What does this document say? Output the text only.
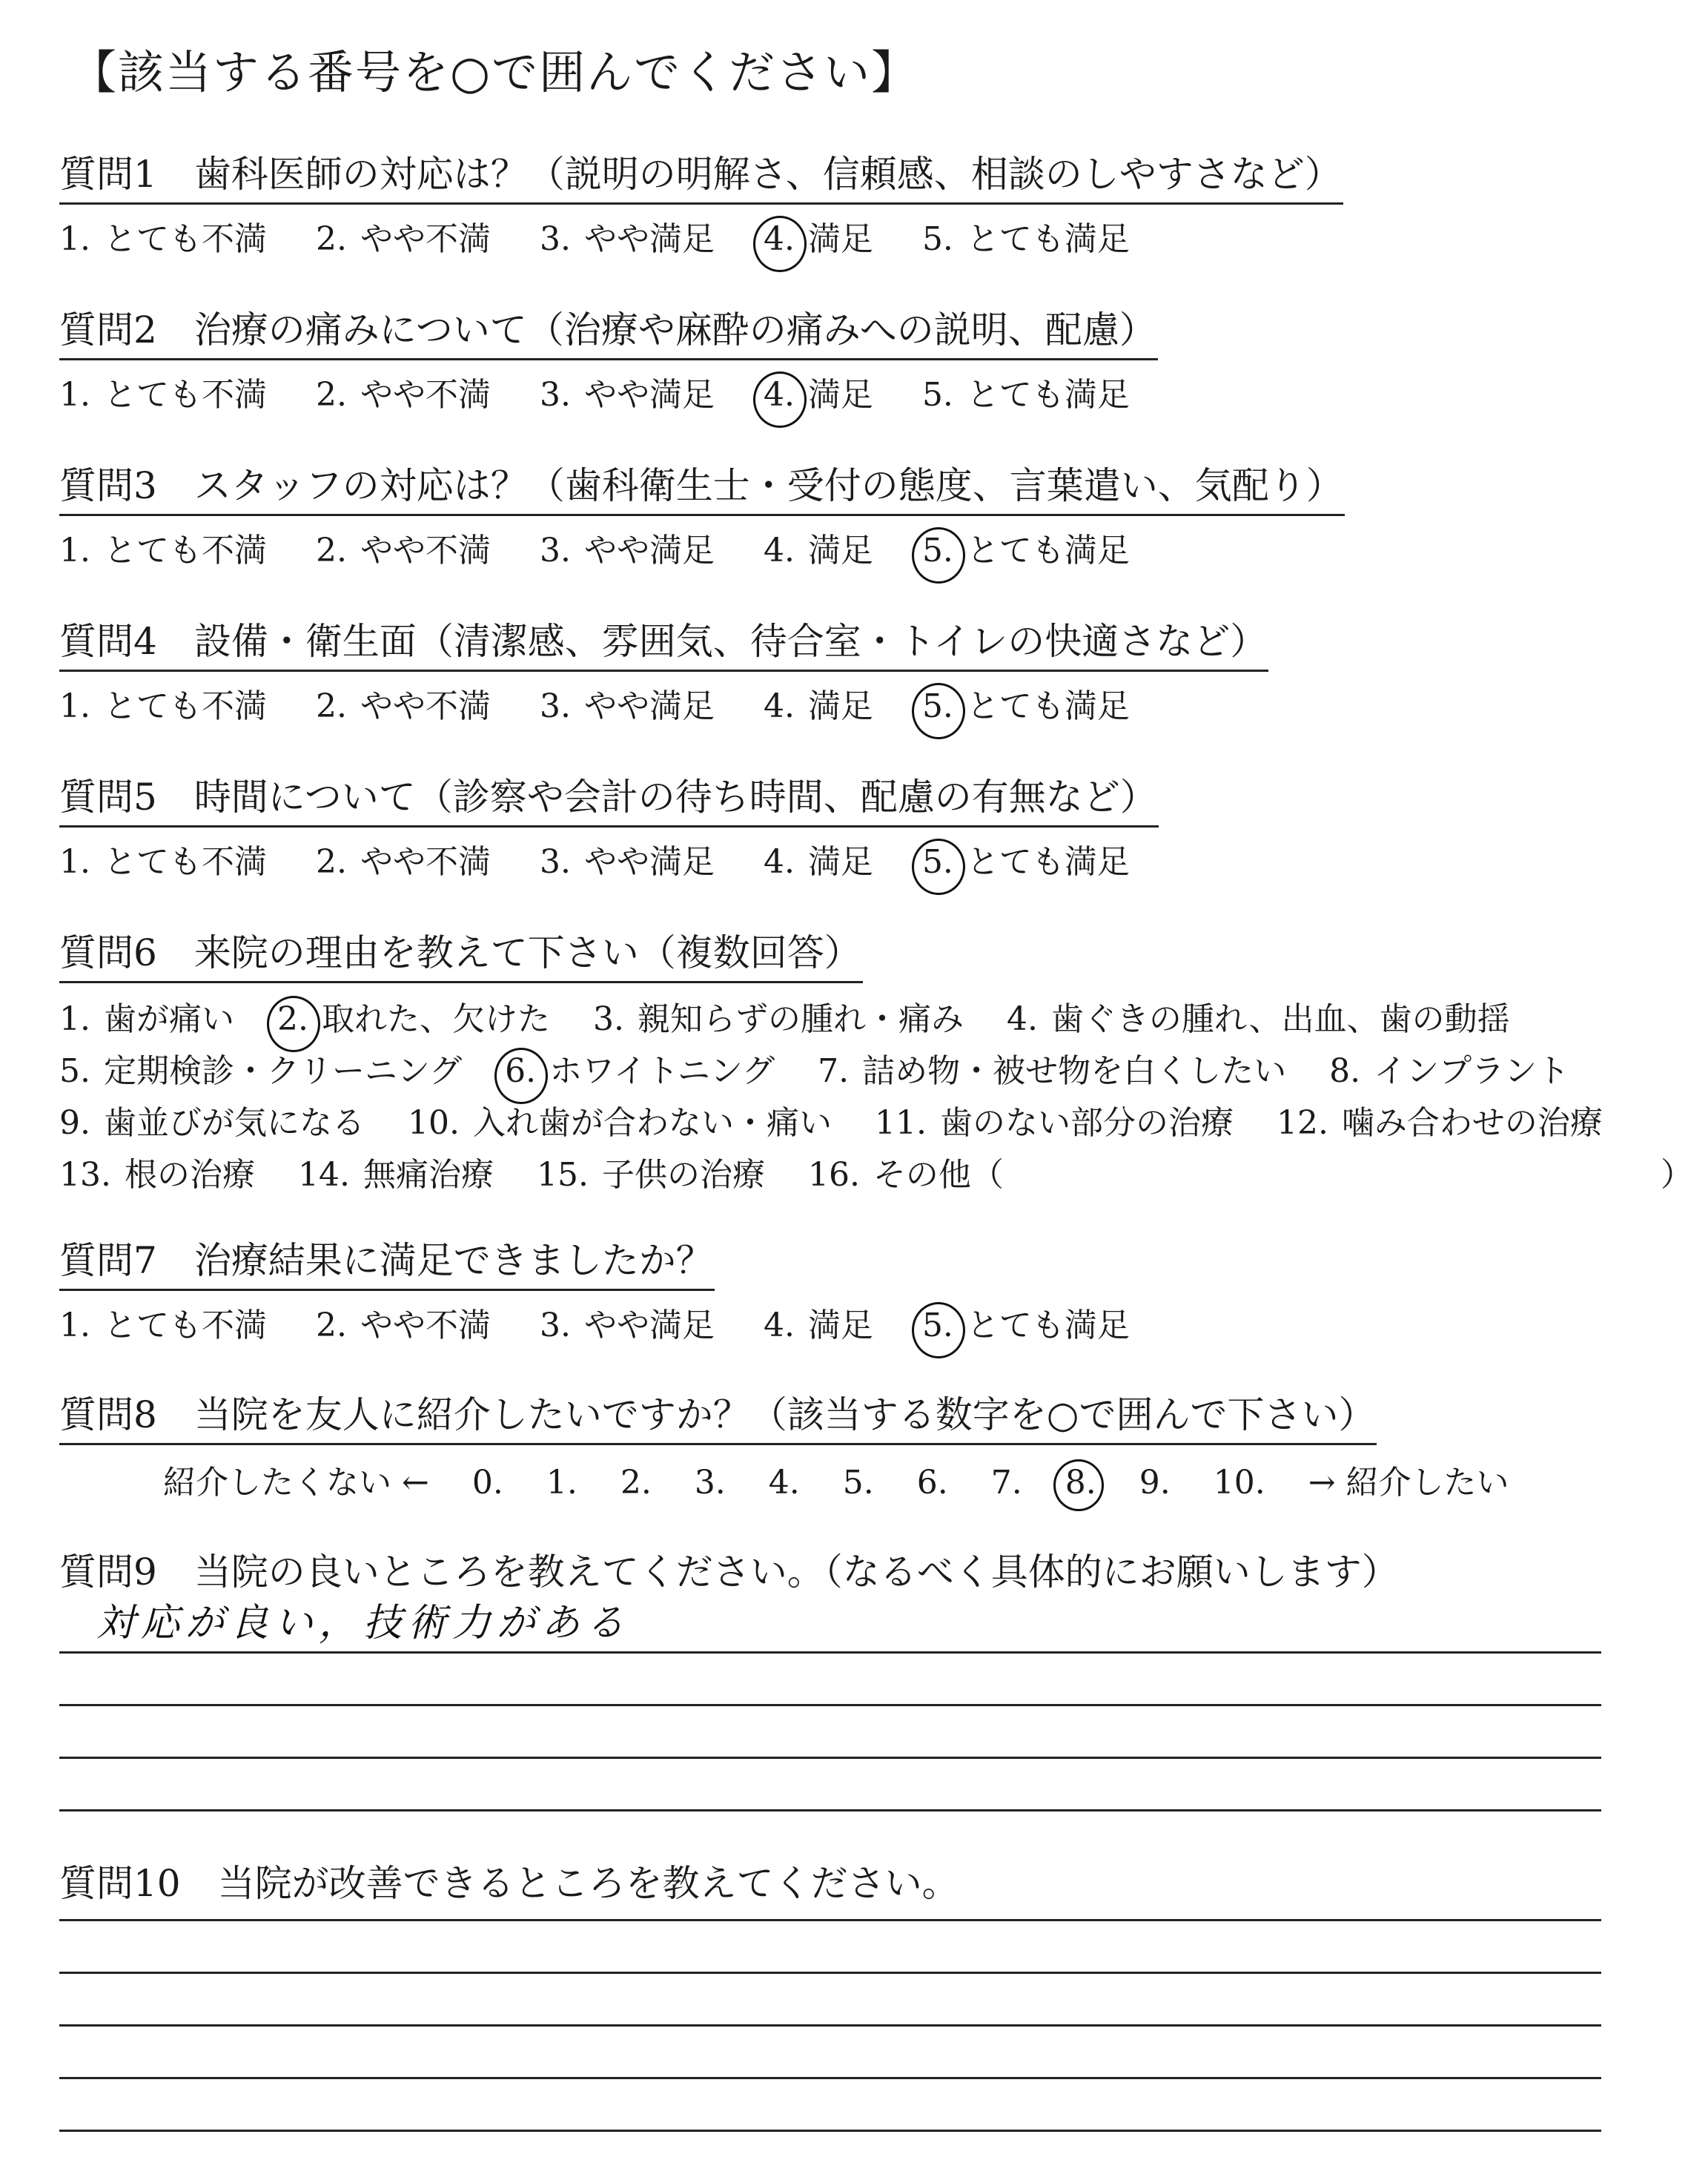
【該当する番号を○で囲んでください】
質問1 歯科医師の対応は？（説明の明解さ、信頼感、相談のしやすさなど）
1. とても不満 2. やや不満 3. やや満足 4. 満足 5. とても満足
質問2 治療の痛みについて（治療や麻酔の痛みへの説明、配慮）
1. とても不満 2. やや不満 3. やや満足 4. 満足 5. とても満足
質問3 スタッフの対応は？（歯科衛生士・受付の態度、言葉遣い、気配り）
1. とても不満 2. やや不満 3. やや満足 4. 満足 5. とても満足
質問4 設備・衛生面（清潔感、雰囲気、待合室・トイレの快適さなど）
1. とても不満 2. やや不満 3. やや満足 4. 満足 5. とても満足
質問5 時間について（診察や会計の待ち時間、配慮の有無など）
1. とても不満 2. やや不満 3. やや満足 4. 満足 5. とても満足
質問6 来院の理由を教えて下さい（複数回答）
1. 歯が痛い 2. 取れた、欠けた 3. 親知らずの腫れ・痛み 4. 歯ぐきの腫れ、出血、歯の動揺
5. 定期検診・クリーニング 6. ホワイトニング 7. 詰め物・被せ物を白くしたい 8. インプラント
9. 歯並びが気になる 10. 入れ歯が合わない・痛い 11. 歯のない部分の治療 12. 噛み合わせの治療
13. 根の治療 14. 無痛治療 15. 子供の治療 16. その他（	）
質問7 治療結果に満足できましたか？
1. とても不満 2. やや不満 3. やや満足 4. 満足 5. とても満足
質問8 当院を友人に紹介したいですか？（該当する数字を○で囲んで下さい）
紹介したくない ← 0. 1. 2. 3. 4. 5. 6. 7. 8. 9. 10. → 紹介したい
質問9 当院の良いところを教えてください。（なるべく具体的にお願いします）
対応が良い，技術力がある
質問10 当院が改善できるところを教えてください。
